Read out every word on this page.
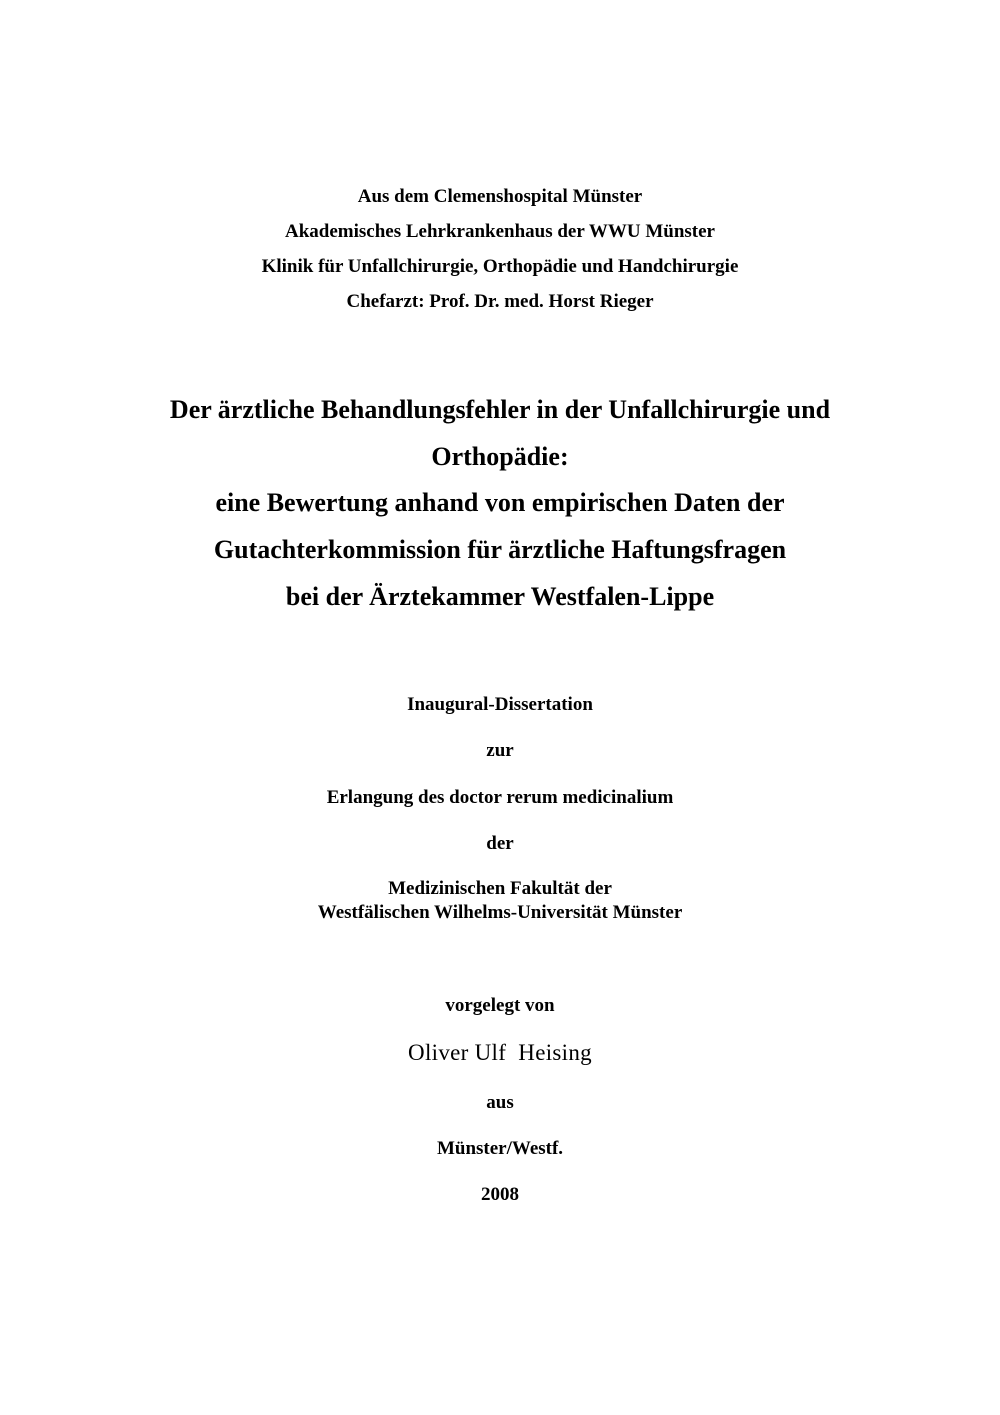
Aus dem Clemenshospital Münster
Akademisches Lehrkrankenhaus der WWU Münster
Klinik für Unfallchirurgie, Orthopädie und Handchirurgie
Chefarzt: Prof. Dr. med. Horst Rieger
Der ärztliche Behandlungsfehler in der Unfallchirurgie und
Orthopädie:
eine Bewertung anhand von empirischen Daten der
Gutachterkommission für ärztliche Haftungsfragen
bei der Ärztekammer Westfalen-Lippe
Inaugural-Dissertation
zur
Erlangung des doctor rerum medicinalium
der
Medizinischen Fakultät der
Westfälischen Wilhelms-Universität Münster
vorgelegt von
Oliver Ulf  Heising
aus
Münster/Westf.
2008
